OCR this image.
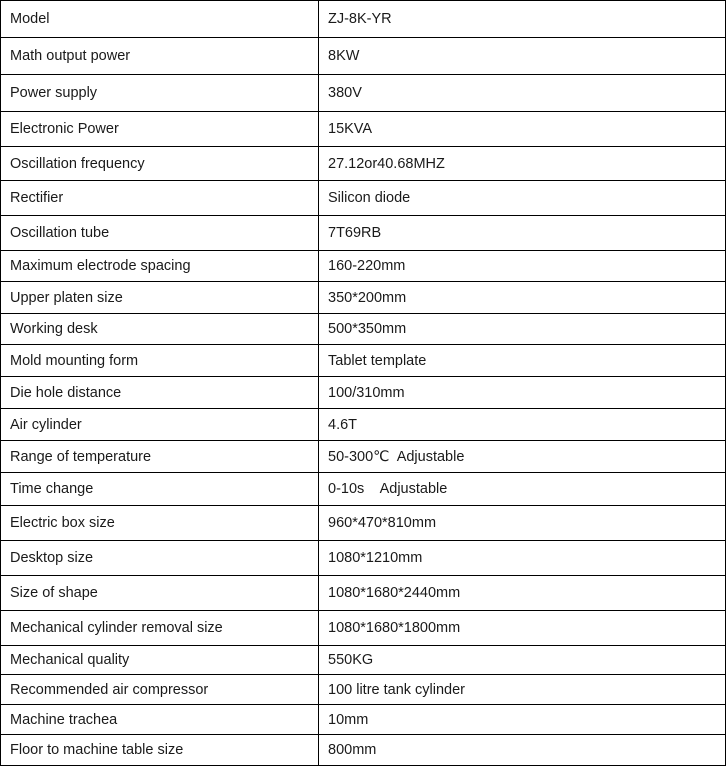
Model	ZJ-8K-YR
Math output power	8KW
Power supply	380V
Electronic Power	15KVA
Oscillation frequency	27.12or40.68MHZ
Rectifier	Silicon diode
Oscillation tube	7T69RB
Maximum electrode spacing	160-220mm
Upper platen size	350*200mm
Working desk	500*350mm
Mold mounting form	Tablet template
Die hole distance	100/310mm
Air cylinder	4.6T
Range of temperature	50-300℃  Adjustable
Time change	0-10s    Adjustable
Electric box size	960*470*810mm
Desktop size	1080*1210mm
Size of shape	1080*1680*2440mm
Mechanical cylinder removal size	1080*1680*1800mm
Mechanical quality	550KG
Recommended air compressor	100 litre tank cylinder
Machine trachea	10mm
Floor to machine table size	800mm
